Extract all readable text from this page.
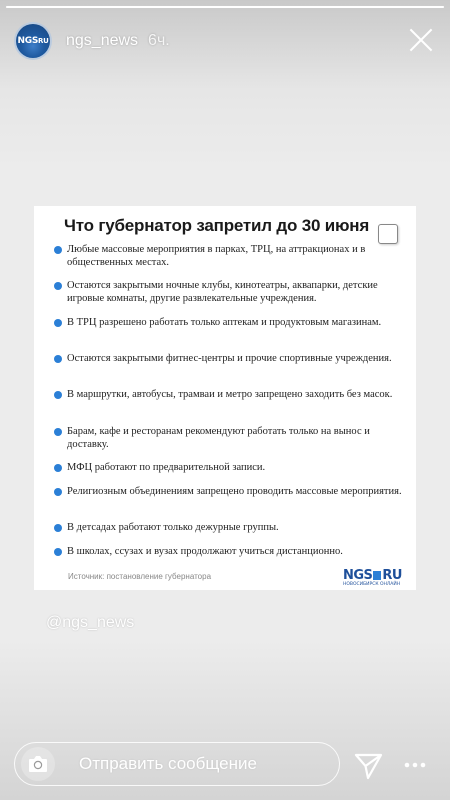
NGS RU ngs_news 6ч.
Что губернатор запретил до 30 июня
Любые массовые мероприятия в парках, ТРЦ, на аттракционах и в общественных местах.
Остаются закрытыми ночные клубы, кинотеатры, аквапарки, детские игровые комнаты, другие развлекательные учреждения.
В ТРЦ разрешено работать только аптекам и продуктовым магазинам.
Остаются закрытыми фитнес-центры и прочие спортивные учреждения.
В маршрутки, автобусы, трамваи и метро запрещено заходить без масок.
Барам, кафе и ресторанам рекомендуют работать только на вынос и доставку.
МФЦ работают по предварительной записи.
Религиозным объединениям запрещено проводить массовые мероприятия.
В детсадах работают только дежурные группы.
В школах, ссузах и вузах продолжают учиться дистанционно.
Источник: постановление губернатора	NGS RU
НОВОСИБИРСК ОНЛАЙН
@ngs_news
Отправить сообщение
